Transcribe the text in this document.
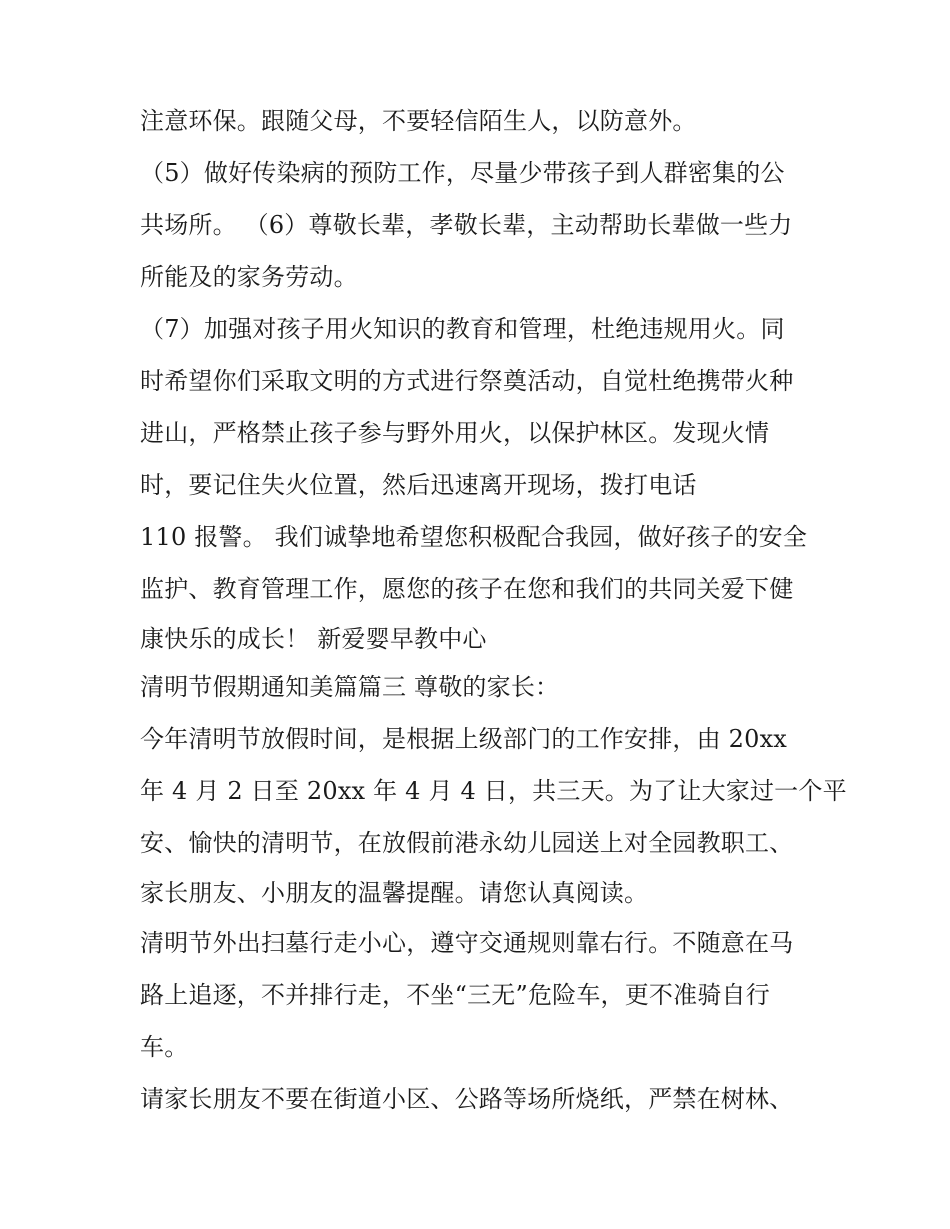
注意环保。跟随父母，不要轻信陌生人，以防意外。
（5）做好传染病的预防工作，尽量少带孩子到人群密集的公
共场所。 （6）尊敬长辈，孝敬长辈，主动帮助长辈做一些力
所能及的家务劳动。
（7）加强对孩子用火知识的教育和管理，杜绝违规用火。同
时希望你们采取文明的方式进行祭奠活动，自觉杜绝携带火种
进山，严格禁止孩子参与野外用火，以保护林区。发现火情
时，要记住失火位置，然后迅速离开现场，拨打电话
110 报警。 我们诚挚地希望您积极配合我园，做好孩子的安全
监护、教育管理工作，愿您的孩子在您和我们的共同关爱下健
康快乐的成长！ 新爱婴早教中心
清明节假期通知美篇篇三 尊敬的家长：
今年清明节放假时间，是根据上级部门的工作安排，由 20xx
年 4 月 2 日至 20xx 年 4 月 4 日，共三天。为了让大家过一个平
安、愉快的清明节，在放假前港永幼儿园送上对全园教职工、
家长朋友、小朋友的温馨提醒。请您认真阅读。
清明节外出扫墓行走小心，遵守交通规则靠右行。不随意在马
路上追逐，不并排行走，不坐“三无”危险车，更不准骑自行
车。
请家长朋友不要在街道小区、公路等场所烧纸，严禁在树林、
